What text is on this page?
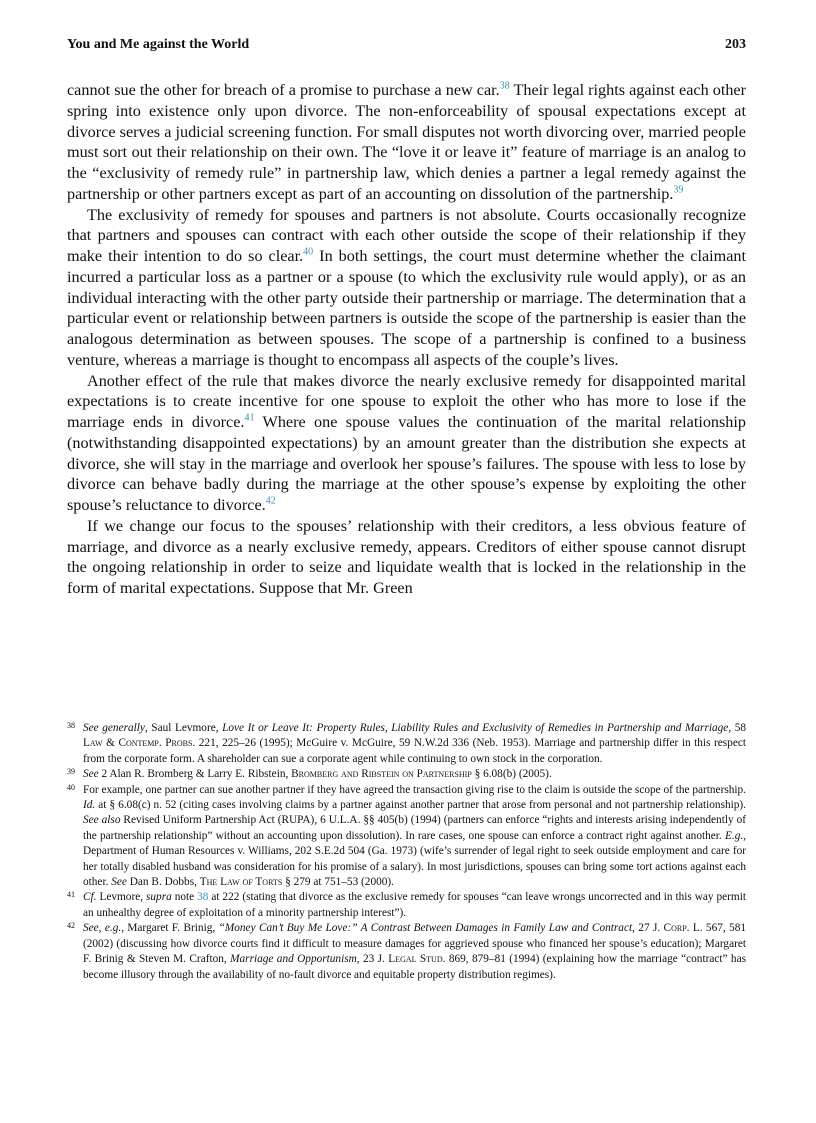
You and Me against the World	203

cannot sue the other for breach of a promise to purchase a new car.$^{38}$ Their legal rights against each other spring into existence only upon divorce. The non-enforceability of spousal expectations except at divorce serves a judicial screening function. For small disputes not worth divorcing over, married people must sort out their relationship on their own. The “love it or leave it” feature of marriage is an analog to the “exclusivity of remedy rule” in partnership law, which denies a partner a legal remedy against the partnership or other partners except as part of an accounting on dissolution of the partnership.$^{39}$

The exclusivity of remedy for spouses and partners is not absolute. Courts occasionally recognize that partners and spouses can contract with each other outside the scope of their relationship if they make their intention to do so clear.$^{40}$ In both settings, the court must determine whether the claimant incurred a particular loss as a partner or a spouse (to which the exclusivity rule would apply), or as an individual interacting with the other party outside their partnership or marriage. The determination that a particular event or relationship between partners is outside the scope of the partnership is easier than the analogous determination as between spouses. The scope of a partnership is confined to a business venture, whereas a marriage is thought to encompass all aspects of the couple’s lives.

Another effect of the rule that makes divorce the nearly exclusive remedy for disappointed marital expectations is to create incentive for one spouse to exploit the other who has more to lose if the marriage ends in divorce.$^{41}$ Where one spouse values the continuation of the marital relationship (notwithstanding disappointed expectations) by an amount greater than the distribution she expects at divorce, she will stay in the marriage and overlook her spouse’s failures. The spouse with less to lose by divorce can behave badly during the marriage at the other spouse’s expense by exploiting the other spouse’s reluctance to divorce.$^{42}$

If we change our focus to the spouses’ relationship with their creditors, a less obvious feature of marriage, and divorce as a nearly exclusive remedy, appears. Creditors of either spouse cannot disrupt the ongoing relationship in order to seize and liquidate wealth that is locked in the relationship in the form of marital expectations. Suppose that Mr. Green

38 See generally, Saul Levmore, Love It or Leave It: Property Rules, Liability Rules and Exclusivity of Remedies in Partnership and Marriage, 58 Law & Contemp. Probs. 221, 225–26 (1995); McGuire v. McGuire, 59 N.W.2d 336 (Neb. 1953). Marriage and partnership differ in this respect from the corporate form. A shareholder can sue a corporate agent while continuing to own stock in the corporation.

39 See 2 Alan R. Bromberg & Larry E. Ribstein, Bromberg and Ribstein on Partnership § 6.08(b) (2005).

40 For example, one partner can sue another partner if they have agreed the transaction giving rise to the claim is outside the scope of the partnership. Id. at § 6.08(c) n. 52 (citing cases involving claims by a partner against another partner that arose from personal and not partnership relationship). See also Revised Uniform Partnership Act (RUPA), 6 U.L.A. §§ 405(b) (1994) (partners can enforce “rights and interests arising independently of the partnership relationship” without an accounting upon dissolution). In rare cases, one spouse can enforce a contract right against another. E.g., Department of Human Resources v. Williams, 202 S.E.2d 504 (Ga. 1973) (wife’s surrender of legal right to seek outside employment and care for her totally disabled husband was consideration for his promise of a salary). In most jurisdictions, spouses can bring some tort actions against each other. See Dan B. Dobbs, The Law of Torts § 279 at 751–53 (2000).

41 Cf. Levmore, supra note 38 at 222 (stating that divorce as the exclusive remedy for spouses “can leave wrongs uncorrected and in this way permit an unhealthy degree of exploitation of a minority partnership interest”).

42 See, e.g., Margaret F. Brinig, “Money Can’t Buy Me Love:” A Contrast Between Damages in Family Law and Contract, 27 J. Corp. L. 567, 581 (2002) (discussing how divorce courts find it difficult to measure damages for aggrieved spouse who financed her spouse’s education); Margaret F. Brinig & Steven M. Crafton, Marriage and Opportunism, 23 J. Legal Stud. 869, 879–81 (1994) (explaining how the marriage “contract” has become illusory through the availability of no-fault divorce and equitable property distribution regimes).
